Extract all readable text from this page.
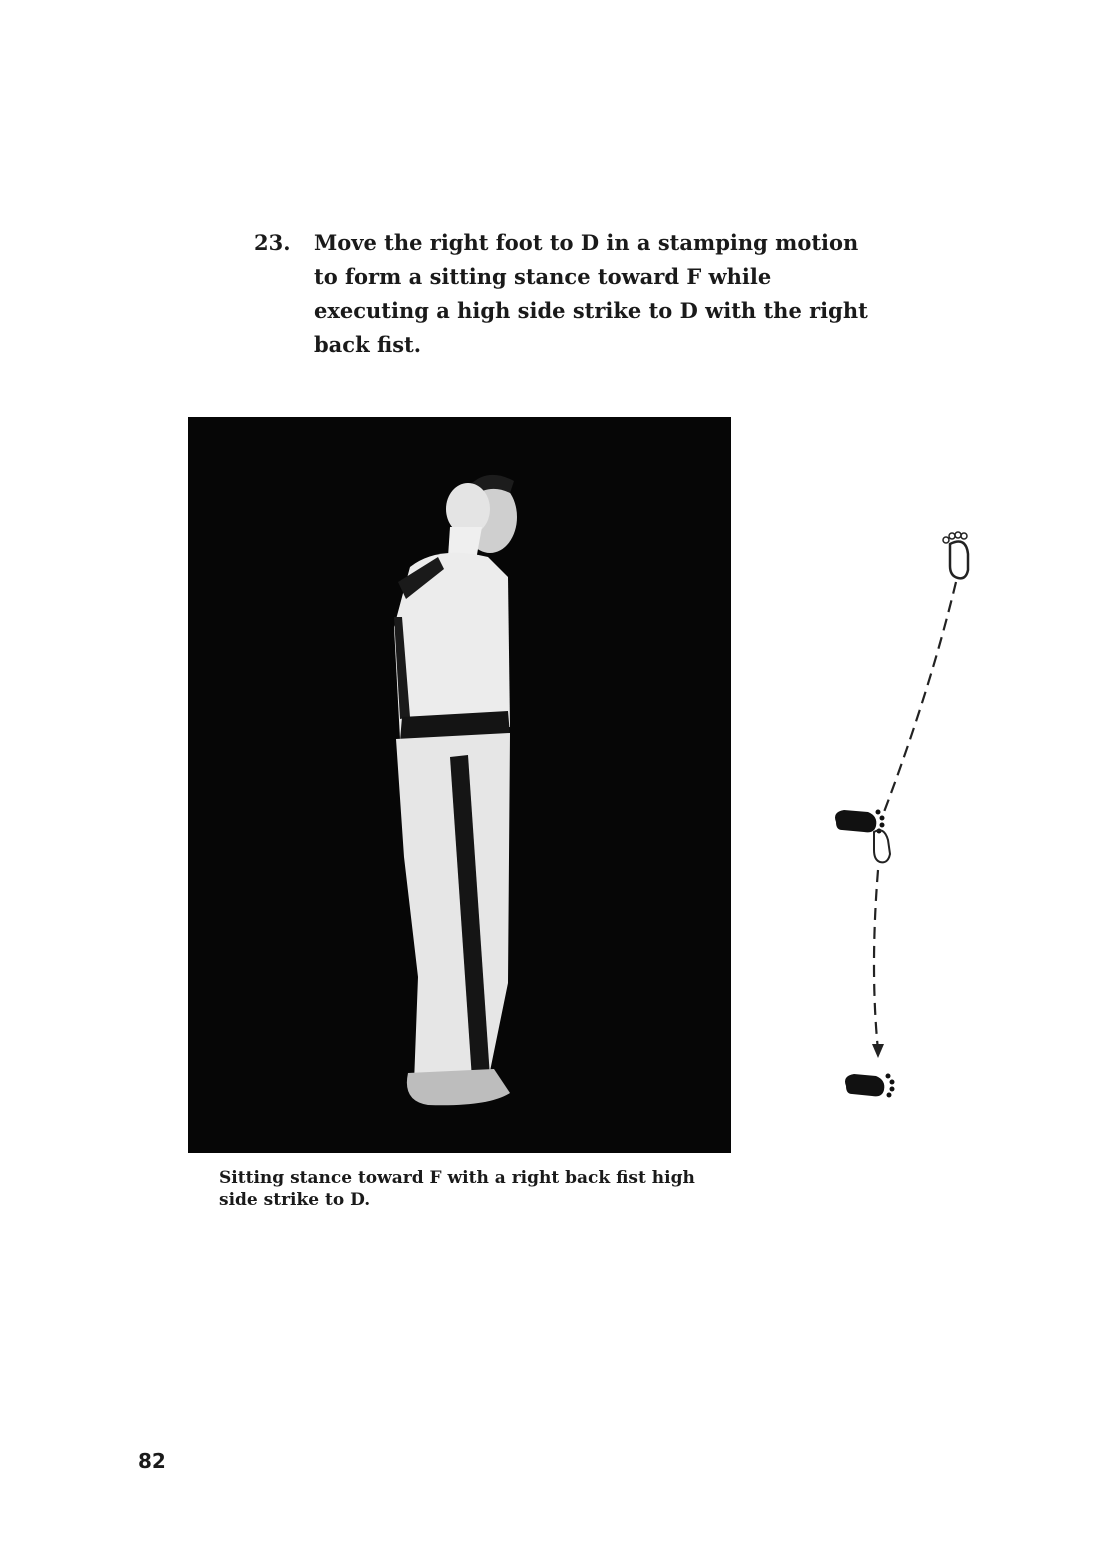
23.	Move the right foot to D in a stamping motion to form a sitting stance toward F while executing a high side strike to D with the right back fist.
Sitting stance toward F with a right back fist high side strike to D.
82
